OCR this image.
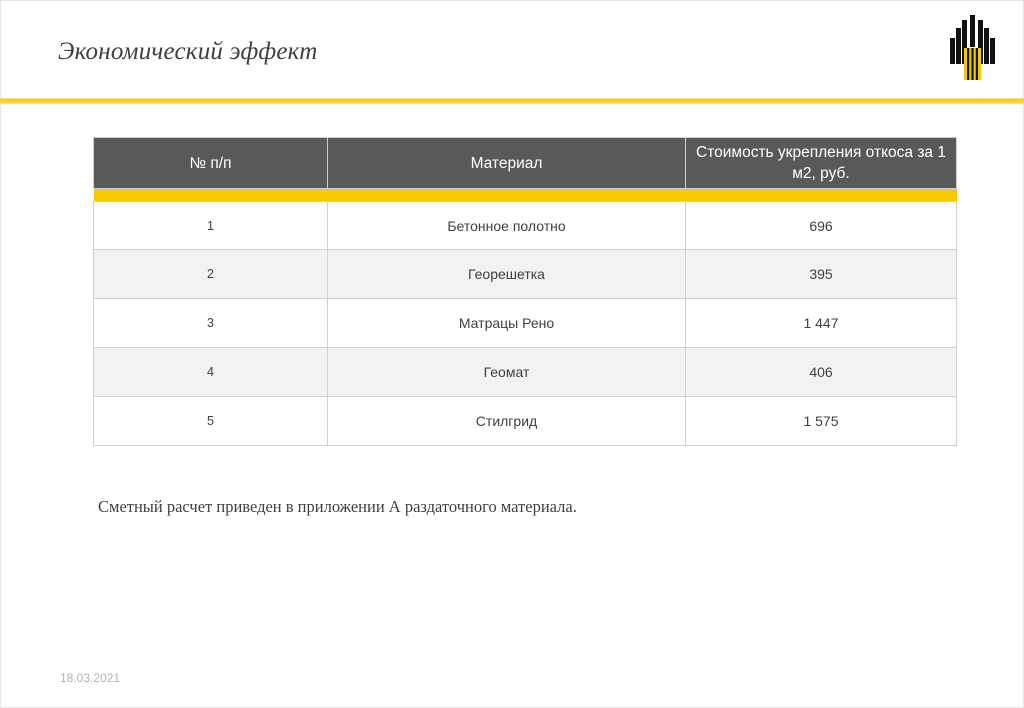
Экономический эффект
№ п/п	Материал	Стоимость укрепления откоса за 1 м2, руб.

1	Бетонное полотно	696
2	Георешетка	395
3	Матрацы Рено	1 447
4	Геомат	406
5	Стилгрид	1 575
Сметный расчет приведен в приложении А раздаточного материала.
18.03.2021
